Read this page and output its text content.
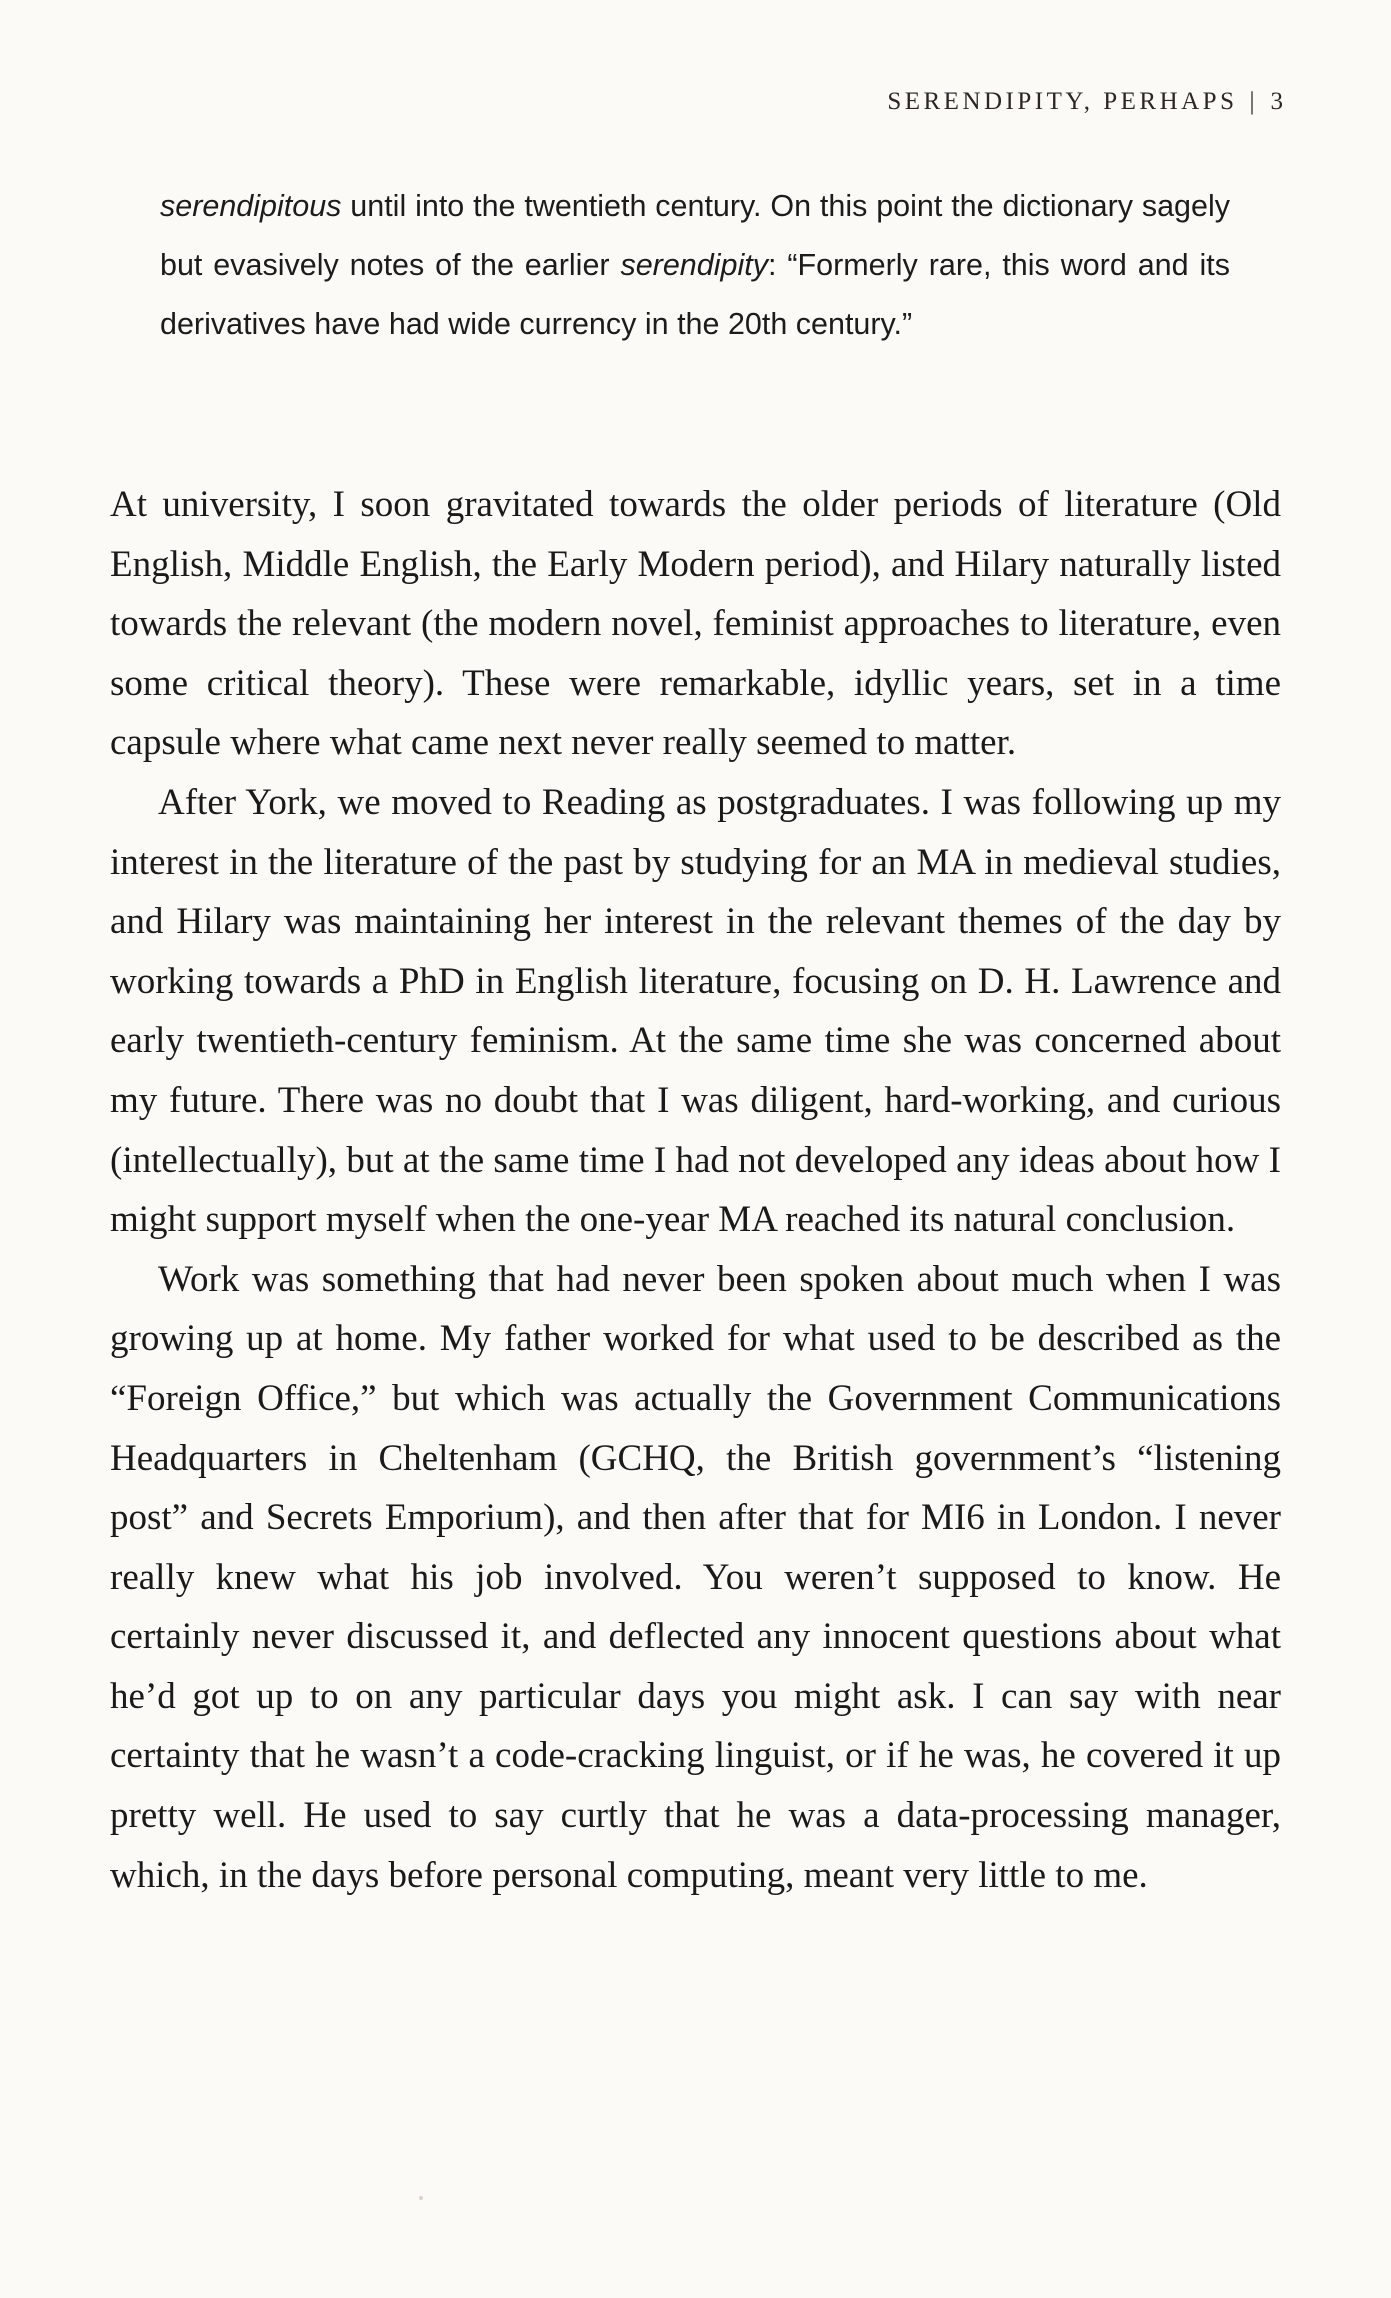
SERENDIPITY, PERHAPS | 3

serendipitous until into the twentieth century. On this point the dictionary sagely but evasively notes of the earlier serendipity: “Formerly rare, this word and its derivatives have had wide currency in the 20th century.”

At university, I soon gravitated towards the older periods of literature (Old English, Middle English, the Early Modern period), and Hilary naturally listed towards the relevant (the modern novel, feminist approaches to literature, even some critical theory). These were remarkable, idyllic years, set in a time capsule where what came next never really seemed to matter.

After York, we moved to Reading as postgraduates. I was following up my interest in the literature of the past by studying for an MA in medieval studies, and Hilary was maintaining her interest in the relevant themes of the day by working towards a PhD in English literature, focusing on D. H. Lawrence and early twentieth-century feminism. At the same time she was concerned about my future. There was no doubt that I was diligent, hard-working, and curious (intellectually), but at the same time I had not developed any ideas about how I might support myself when the one-year MA reached its natural conclusion.

Work was something that had never been spoken about much when I was growing up at home. My father worked for what used to be described as the “Foreign Office,” but which was actually the Government Communications Headquarters in Cheltenham (GCHQ, the British government’s “listening post” and Secrets Emporium), and then after that for MI6 in London. I never really knew what his job involved. You weren’t supposed to know. He certainly never discussed it, and deflected any innocent questions about what he’d got up to on any particular days you might ask. I can say with near certainty that he wasn’t a code-cracking linguist, or if he was, he covered it up pretty well. He used to say curtly that he was a data-processing manager, which, in the days before personal computing, meant very little to me.
